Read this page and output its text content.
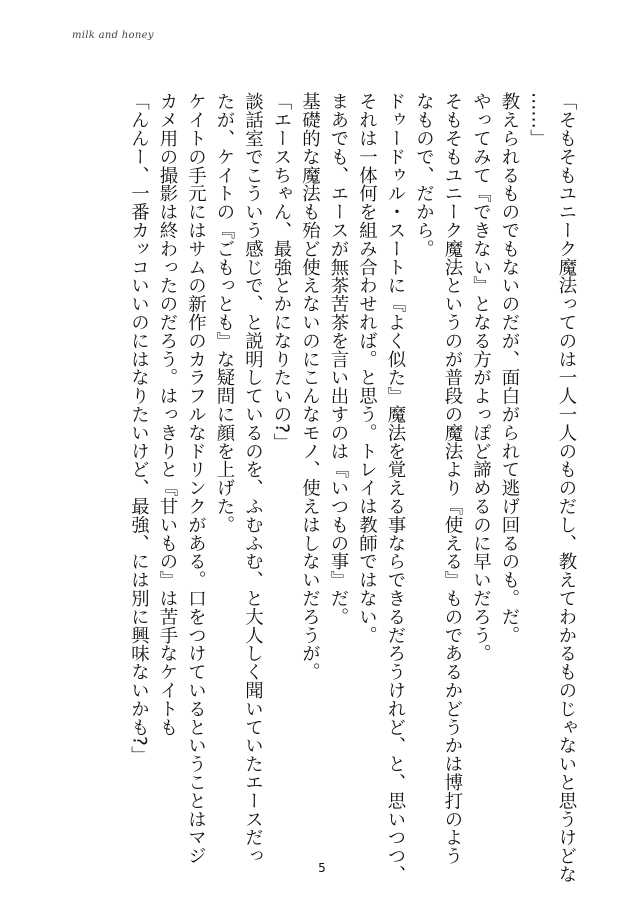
milk and honey

「そもそもユニーク魔法ってのは一人一人のものだし、教えてわかるものじゃないと思うけどな

……」

教えられるものでもないのだが、面白がられて逃げ回るのも。だ。

やってみて『できない』となる方がよっぽど諦めるのに早いだろう。

そもそもユニーク魔法というのが普段の魔法より『使える』ものであるかどうかは博打のよう

なもので、だから。

ドゥードゥル・スートに『よく似た』魔法を覚える事ならできるだろうけれど、と、思いつつ、

それは一体何を組み合わせれば。と思う。トレイは教師ではない。

まあでも、エースが無茶苦茶を言い出すのは『いつもの事』だ。

基礎的な魔法も殆ど使えないのにこんなモノ、使えはしないだろうが。

「エースちゃん、最強とかになりたいの?」

談話室でこういう感じで、と説明しているのを、ふむふむ、と大人しく聞いていたエースだっ

たが、ケイトの『ごもっとも』な疑問に顔を上げた。

ケイトの手元にはサムの新作のカラフルなドリンクがある。口をつけているということはマジ

カメ用の撮影は終わったのだろう。はっきりと『甘いもの』は苦手なケイトも

「んんー、一番カッコいいのにはなりたいけど、最強、には別に興味ないかも?」

5
